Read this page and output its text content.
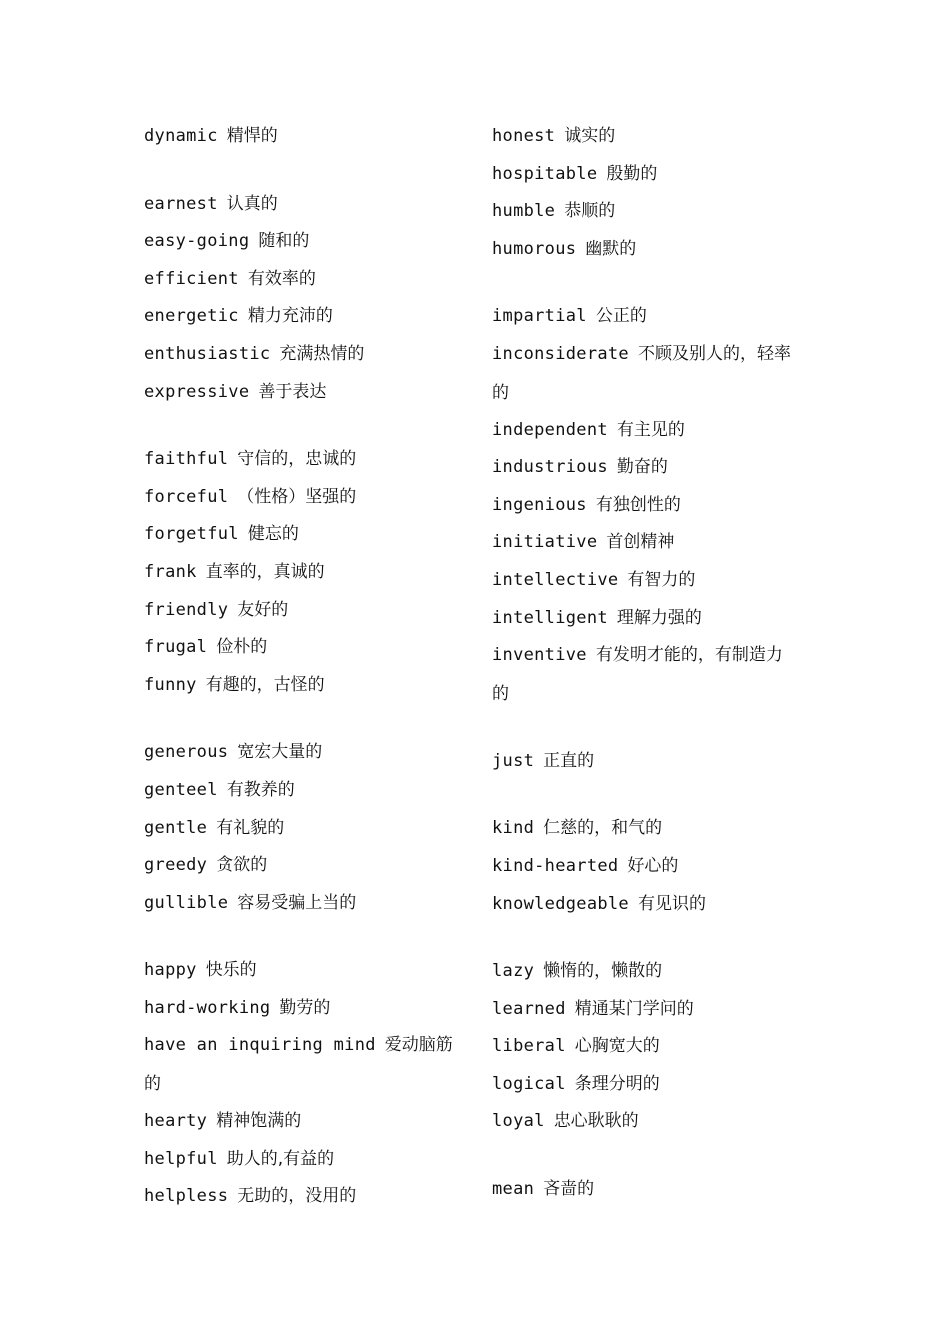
dynamic 精悍的
earnest 认真的
easy-going 随和的
efficient 有效率的
energetic 精力充沛的
enthusiastic 充满热情的
expressive 善于表达
faithful 守信的，忠诚的
forceful （性格）坚强的
forgetful 健忘的
frank 直率的，真诚的
friendly 友好的
frugal 俭朴的
funny 有趣的，古怪的
generous 宽宏大量的
genteel 有教养的
gentle 有礼貌的
greedy 贪欲的
gullible 容易受骗上当的
happy 快乐的
hard-working 勤劳的
have an inquiring mind 爱动脑筋
的
hearty 精神饱满的
helpful 助人的,有益的
helpless 无助的，没用的
honest 诚实的
hospitable 殷勤的
humble 恭顺的
humorous 幽默的
impartial 公正的
inconsiderate 不顾及别人的，轻率
的
independent 有主见的
industrious 勤奋的
ingenious 有独创性的
initiative 首创精神
intellective 有智力的
intelligent 理解力强的
inventive 有发明才能的，有制造力
的
just 正直的
kind 仁慈的，和气的
kind-hearted 好心的
knowledgeable 有见识的
lazy 懒惰的，懒散的
learned 精通某门学问的
liberal 心胸宽大的
logical 条理分明的
loyal 忠心耿耿的
mean 吝啬的
